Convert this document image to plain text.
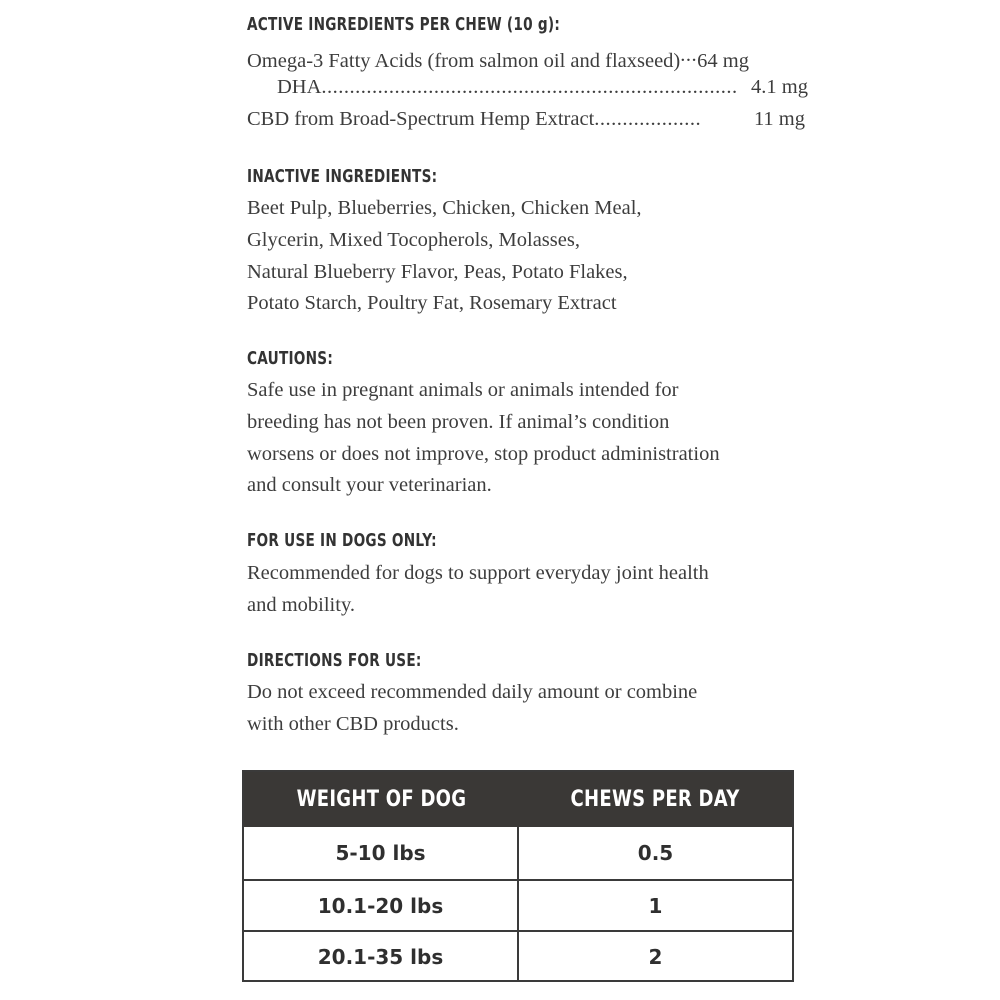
ACTIVE INGREDIENTS PER CHEW (10 g):

Omega-3 Fatty Acids (from salmon oil and flaxseed)...64 mg

DHA .......................................................................... 4.1 mg

CBD from Broad-Spectrum Hemp Extract ...................	11 mg

INACTIVE INGREDIENTS:

Beet Pulp, Blueberries, Chicken, Chicken Meal,
Glycerin, Mixed Tocopherols, Molasses,
Natural Blueberry Flavor, Peas, Potato Flakes,
Potato Starch, Poultry Fat, Rosemary Extract

CAUTIONS:

Safe use in pregnant animals or animals intended for
breeding has not been proven. If animal’s condition
worsens or does not improve, stop product administration
and consult your veterinarian.

FOR USE IN DOGS ONLY:

Recommended for dogs to support everyday joint health
and mobility.

DIRECTIONS FOR USE:

Do not exceed recommended daily amount or combine
with other CBD products.

WEIGHT OF DOG	CHEWS PER DAY
5-10 lbs	0.5
10.1-20 lbs	1
20.1-35 lbs	2
